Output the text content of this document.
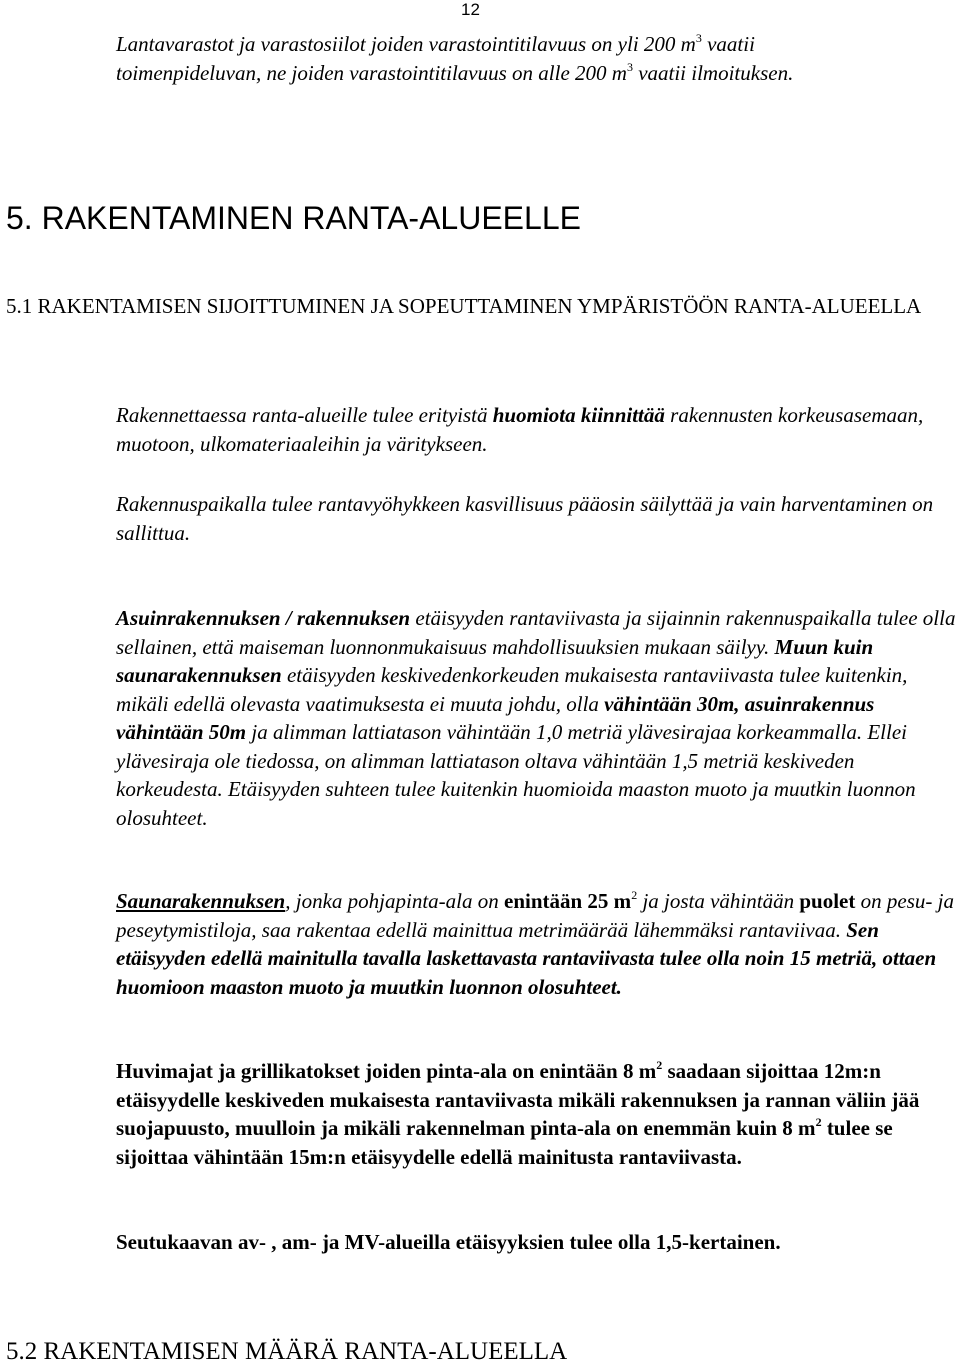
12

Lantavarastot ja varastosiilot joiden varastointitilavuus on yli 200 $m^3$ vaatii

toimenpideluvan, ne joiden varastointitilavuus on alle 200 $m^3$ vaatii ilmoituksen.

5. RAKENTAMINEN RANTA-ALUEELLE
5.1 RAKENTAMISEN SIJOITTUMINEN JA SOPEUTTAMINEN YMPÄRISTÖÖN RANTA-ALUEELLA

Rakennettaessa ranta-alueille tulee erityistä huomiota kiinnittää rakennusten korkeusasemaan, muotoon, ulkomateriaaleihin ja väritykseen.

Rakennuspaikalla tulee rantavyöhykkeen kasvillisuus pääosin säilyttää ja vain harventaminen on sallittua.

Asuinrakennuksen / rakennuksen etäisyyden rantaviivasta ja sijainnin rakennuspaikalla tulee olla sellainen, että maiseman luonnonmukaisuus mahdollisuuksien mukaan säilyy. Muun kuin saunarakennuksen etäisyyden keskivedenkorkeuden mukaisesta rantaviivasta tulee kuitenkin, mikäli edellä olevasta vaatimuksesta ei muuta johdu, olla vähintään 30m, asuinrakennus vähintään 50m ja alimman lattiatason vähintään 1,0 metriä ylävesirajaa korkeammalla. Ellei ylävesiraja ole tiedossa, on alimman lattiatason oltava vähintään 1,5 metriä keskiveden korkeudesta. Etäisyyden suhteen tulee kuitenkin huomioida maaston muoto ja muutkin luonnon olosuhteet.

Saunarakennuksen, jonka pohjapinta-ala on enintään 25 $m^2$ ja josta vähintään puolet on pesu- ja peseytymistiloja, saa rakentaa edellä mainittua metrimäärää lähemmäksi rantaviivaa. Sen etäisyyden edellä mainitulla tavalla laskettavasta rantaviivasta tulee olla noin 15 metriä, ottaen huomioon maaston muoto ja muutkin luonnon olosuhteet.

Huvimajat ja grillikatokset joiden pinta-ala on enintään 8 $m^2$ saadaan sijoittaa 12m:n etäisyydelle keskiveden mukaisesta rantaviivasta mikäli rakennuksen ja rannan väliin jää suojapuusto, muulloin ja mikäli rakennelman pinta-ala on enemmän kuin 8 $m^2$ tulee se sijoittaa vähintään 15m:n etäisyydelle edellä mainitusta rantaviivasta.

Seutukaavan av- , am- ja MV-alueilla etäisyyksien tulee olla 1,5-kertainen.

5.2 RAKENTAMISEN MÄÄRÄ RANTA-ALUEELLA
